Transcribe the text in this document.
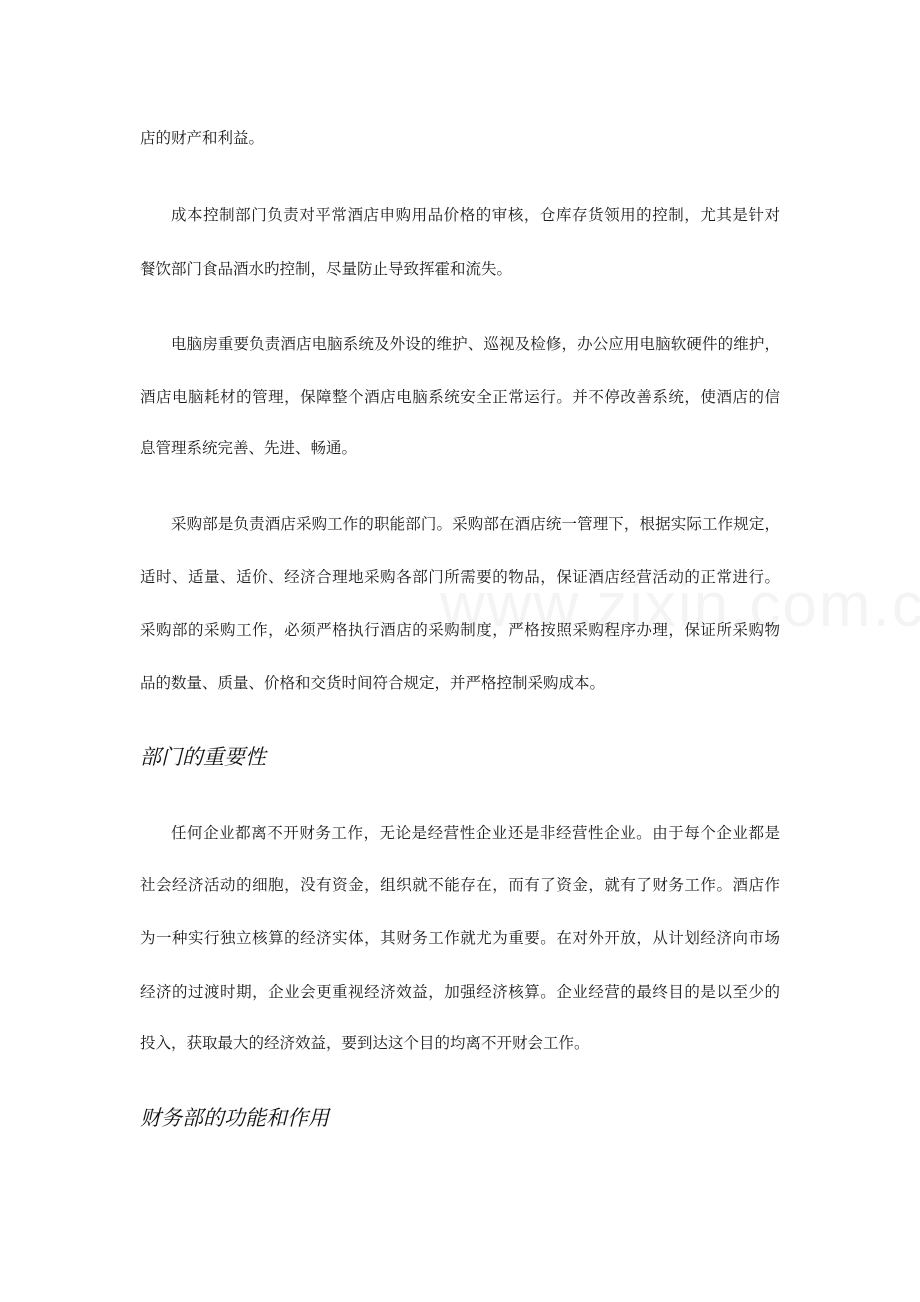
店的财产和利益。
成本控制部门负责对平常酒店申购用品价格的审核，仓库存货领用的控制，尤其是针对
餐饮部门食品酒水旳控制，尽量防止导致挥霍和流失。
电脑房重要负责酒店电脑系统及外设的维护、巡视及检修，办公应用电脑软硬件的维护，
酒店电脑耗材的管理，保障整个酒店电脑系统安全正常运行。并不停改善系统，使酒店的信
息管理系统完善、先进、畅通。
采购部是负责酒店采购工作的职能部门。采购部在酒店统一管理下，根据实际工作规定，
适时、适量、适价、经济合理地采购各部门所需要的物品，保证酒店经营活动的正常进行。
采购部的采购工作，必须严格执行酒店的采购制度，严格按照采购程序办理，保证所采购物
品的数量、质量、价格和交货时间符合规定，并严格控制采购成本。
部门的重要性
任何企业都离不开财务工作，无论是经营性企业还是非经营性企业。由于每个企业都是
社会经济活动的细胞，没有资金，组织就不能存在，而有了资金，就有了财务工作。酒店作
为一种实行独立核算的经济实体，其财务工作就尤为重要。在对外开放，从计划经济向市场
经济的过渡时期，企业会更重视经济效益，加强经济核算。企业经营的最终目的是以至少的
投入，获取最大的经济效益，要到达这个目的均离不开财会工作。
财务部的功能和作用
